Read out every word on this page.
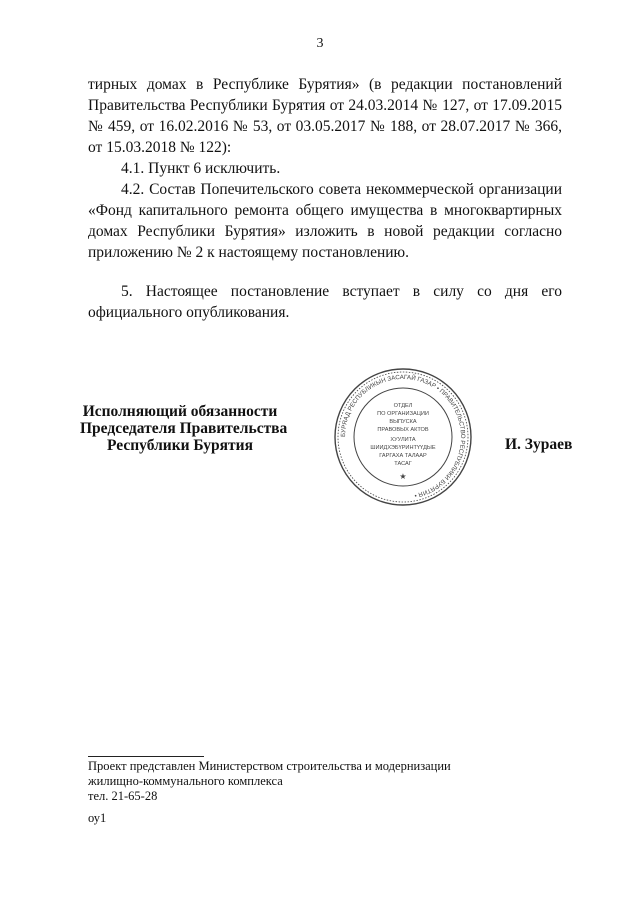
3

тирных домах в Республике Бурятия» (в редакции постановлений Правительства Республики Бурятия от 24.03.2014 № 127, от 17.09.2015 № 459, от 16.02.2016 № 53, от 03.05.2017 № 188, от 28.07.2017 № 366, от 15.03.2018 № 122):

4.1. Пункт 6 исключить.

4.2. Состав Попечительского совета некоммерческой организации «Фонд капитального ремонта общего имущества в многоквартирных домах Республики Бурятия» изложить в новой редакции согласно приложению № 2 к настоящему постановлению.

5. Настоящее постановление вступает в силу со дня его официального опубликования.

Исполняющий обязанности
Председателя Правительства
Республики Бурятия
БУРЯАД РЕСПУБЛИКЫН ЗАСАГАЙ ГАЗАР • ПРАВИТЕЛЬСТВО РЕСПУБЛИКИ БУРЯТИЯ •
ОТДЕЛ
ПО ОРГАНИЗАЦИИ
ВЫПУСКА
ПРАВОВЫХ АКТОВ
ХУУЛИТА
ШИИДХЭБҮРИНТҮҮДЫЕ
ГАРГАХА ТАЛААР
ТАСАГ
★
И. Зураев
Проект представлен Министерством строительства и модернизации
жилищно-коммунального комплекса
тел. 21-65-28
оу1
